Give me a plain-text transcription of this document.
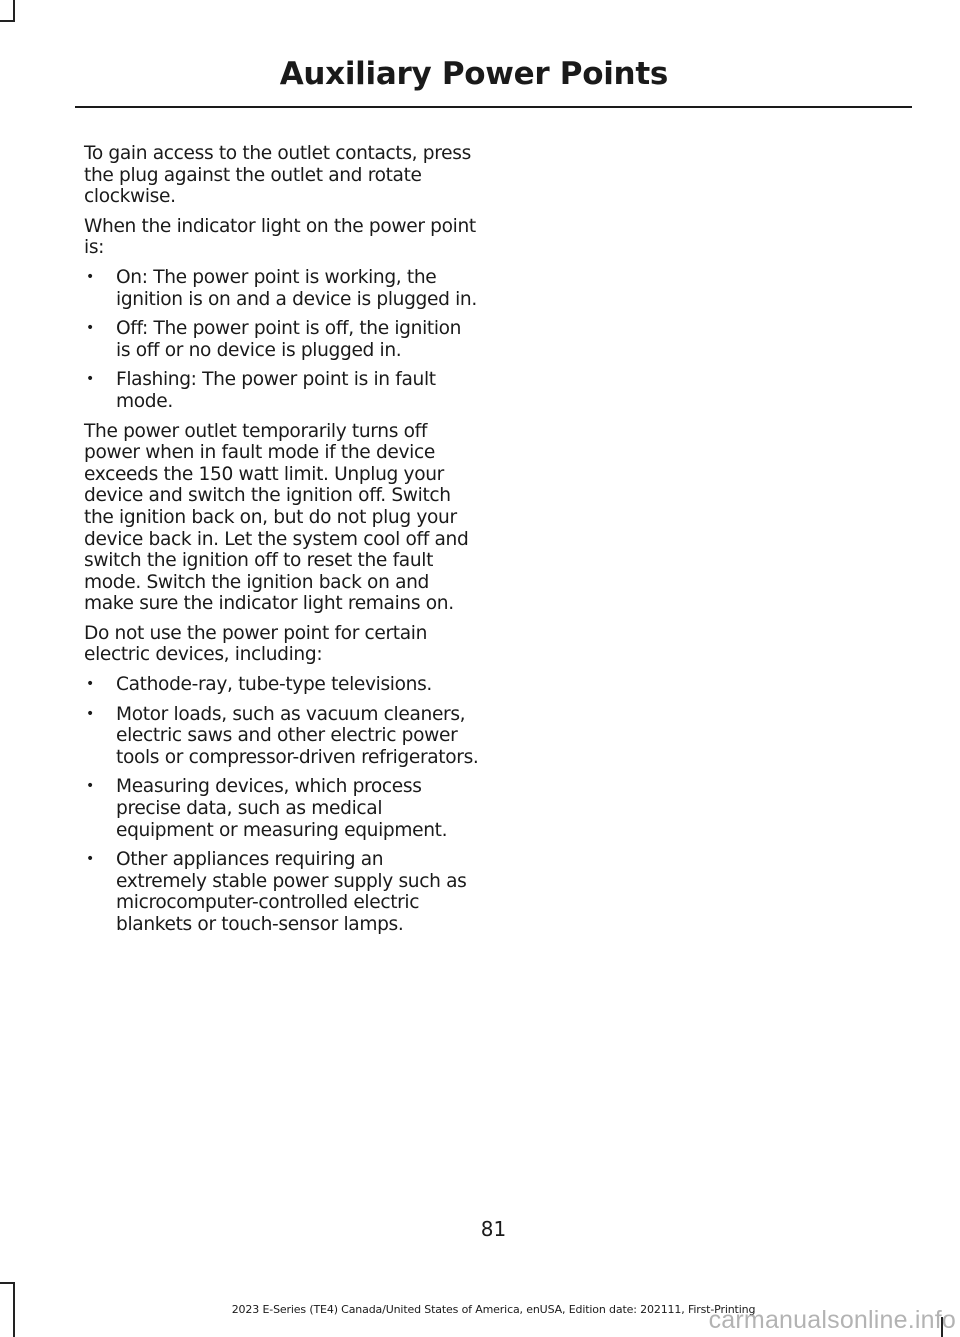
Auxiliary Power Points

To gain access to the outlet contacts, press the plug against the outlet and rotate clockwise.

When the indicator light on the power point is:

• On: The power point is working, the ignition is on and a device is plugged in.
• Off: The power point is off, the ignition is off or no device is plugged in.
• Flashing: The power point is in fault mode.

The power outlet temporarily turns off power when in fault mode if the device exceeds the 150 watt limit. Unplug your device and switch the ignition off. Switch the ignition back on, but do not plug your device back in. Let the system cool off and switch the ignition off to reset the fault mode. Switch the ignition back on and make sure the indicator light remains on.

Do not use the power point for certain electric devices, including:

• Cathode-ray, tube-type televisions.
• Motor loads, such as vacuum cleaners, electric saws and other electric power tools or compressor-driven refrigerators.
• Measuring devices, which process precise data, such as medical equipment or measuring equipment.
• Other appliances requiring an extremely stable power supply such as microcomputer-controlled electric blankets or touch-sensor lamps.
81
2023 E-Series (TE4) Canada/United States of America, enUSA, Edition date: 202111, First-Printing
carmanualsonline.info
